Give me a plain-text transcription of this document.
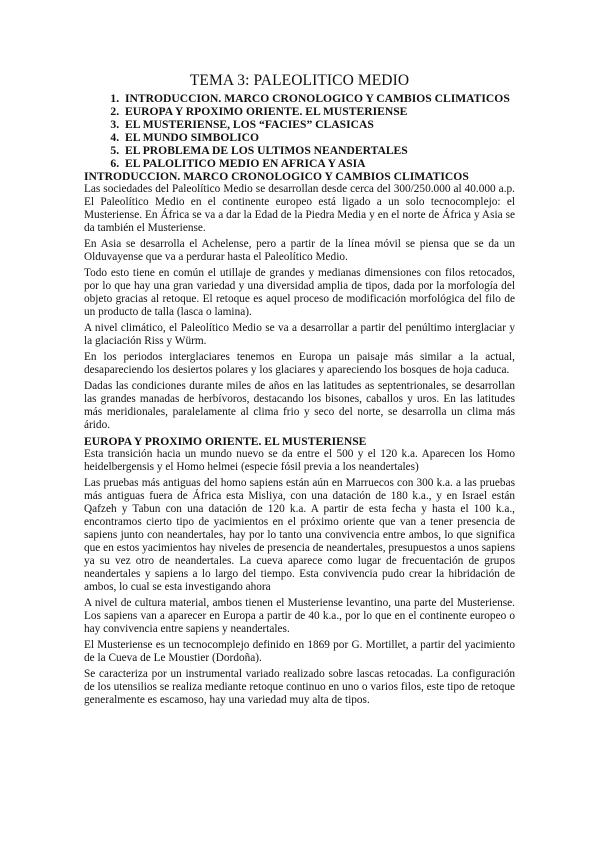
TEMA 3: PALEOLITICO MEDIO
1. INTRODUCCION. MARCO CRONOLOGICO Y CAMBIOS CLIMATICOS
2. EUROPA Y RPOXIMO ORIENTE. EL MUSTERIENSE
3. EL MUSTERIENSE, LOS “FACIES” CLASICAS
4. EL MUNDO SIMBOLICO
5. EL PROBLEMA DE LOS ULTIMOS NEANDERTALES
6. EL PALOLITICO MEDIO EN AFRICA Y ASIA
INTRODUCCION. MARCO CRONOLOGICO Y CAMBIOS CLIMATICOS

Las sociedades del Paleolítico Medio se desarrollan desde cerca del 300/250.000 al 40.000 a.p. El Paleolítico Medio en el continente europeo está ligado a un solo tecnocomplejo: el Musteriense. En África se va a dar la Edad de la Piedra Media y en el norte de África y Asia se da también el Musteriense.

En Asia se desarrolla el Achelense, pero a partir de la línea móvil se piensa que se da un Olduvayense que va a perdurar hasta el Paleolítico Medio.

Todo esto tiene en común el utillaje de grandes y medianas dimensiones con filos retocados, por lo que hay una gran variedad y una diversidad amplia de tipos, dada por la morfología del objeto gracias al retoque. El retoque es aquel proceso de modificación morfológica del filo de un producto de talla (lasca o lamina).

A nivel climático, el Paleolítico Medio se va a desarrollar a partir del penúltimo interglaciar y la glaciación Riss y Würm.

En los periodos interglaciares tenemos en Europa un paisaje más similar a la actual, desapareciendo los desiertos polares y los glaciares y apareciendo los bosques de hoja caduca.

Dadas las condiciones durante miles de años en las latitudes as septentrionales, se desarrollan las grandes manadas de herbívoros, destacando los bisones, caballos y uros. En las latitudes más meridionales, paralelamente al clima frio y seco del norte, se desarrolla un clima más árido.

EUROPA Y PROXIMO ORIENTE. EL MUSTERIENSE

Esta transición hacia un mundo nuevo se da entre el 500 y el 120 k.a. Aparecen los Homo heidelbergensis y el Homo helmei (especie fósil previa a los neandertales)

Las pruebas más antiguas del homo sapiens están aún en Marruecos con 300 k.a. a las pruebas más antiguas fuera de África esta Misliya, con una datación de 180 k.a., y en Israel están Qafzeh y Tabun con una datación de 120 k.a. A partir de esta fecha y hasta el 100 k.a., encontramos cierto tipo de yacimientos en el próximo oriente que van a tener presencia de sapiens junto con neandertales, hay por lo tanto una convivencia entre ambos, lo que significa que en estos yacimientos hay niveles de presencia de neandertales, presupuestos a unos sapiens ya su vez otro de neandertales. La cueva aparece como lugar de frecuentación de grupos neandertales y sapiens a lo largo del tiempo. Esta convivencia pudo crear la hibridación de ambos, lo cual se esta investigando ahora

A nivel de cultura material, ambos tienen el Musteriense levantino, una parte del Musteriense. Los sapiens van a aparecer en Europa a partir de 40 k.a., por lo que en el continente europeo o hay convivencia entre sapiens y neandertales.

El Musteriense es un tecnocomplejo definido en 1869 por G. Mortillet, a partir del yacimiento de la Cueva de Le Moustier (Dordoña).

Se caracteriza por un instrumental variado realizado sobre lascas retocadas. La configuración de los utensilios se realiza mediante retoque continuo en uno o varios filos, este tipo de retoque generalmente es escamoso, hay una variedad muy alta de tipos.
